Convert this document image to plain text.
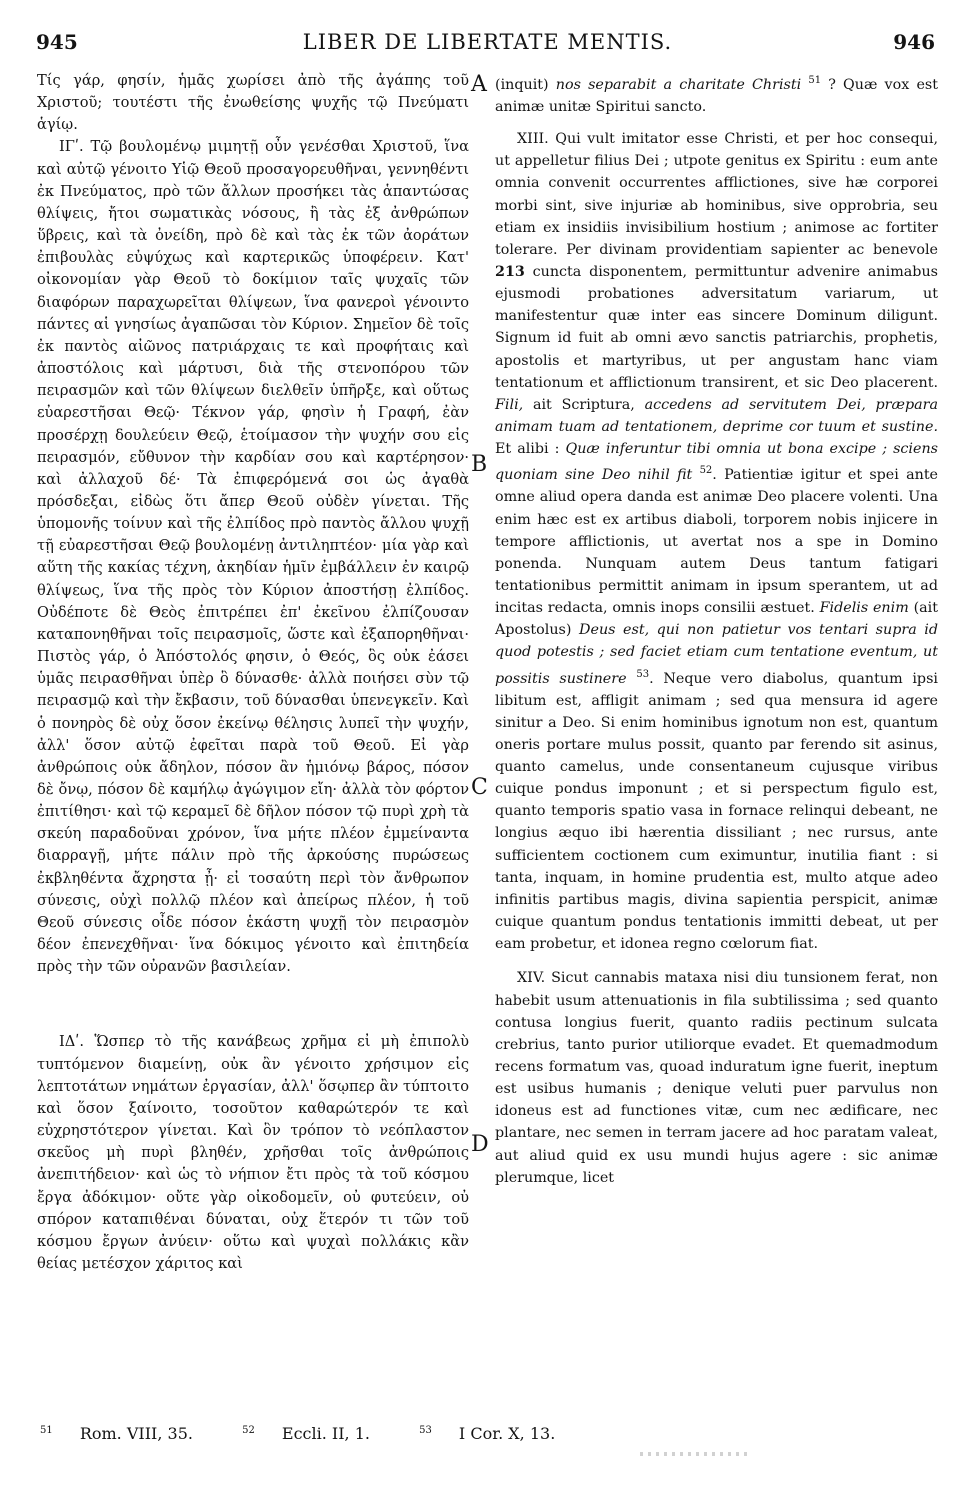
945	LIBER DE LIBERTATE MENTIS.	946

Τίς γάρ, φησίν, ἡμᾶς χωρίσει ἀπὸ τῆς ἀγάπης τοῦ Χριστοῦ; τουτέστι τῆς ἐνωθείσης ψυχῆς τῷ Πνεύματι ἁγίῳ.

ΙΓʹ. Τῷ βουλομένῳ μιμητῇ οὖν γενέσθαι Χριστοῦ, ἵνα καὶ αὐτῷ γένοιτο Υἱῷ Θεοῦ προσαγορευθῆναι, γεννηθέντι ἐκ Πνεύματος, πρὸ τῶν ἄλλων προσήκει τὰς ἁπαντώσας θλίψεις, ἤτοι σωματικὰς νόσους, ἢ τὰς ἐξ ἀνθρώπων ὕβρεις, καὶ τὰ ὀνείδη, πρὸ δὲ καὶ τὰς ἐκ τῶν ἀοράτων ἐπιβουλὰς εὐψύχως καὶ καρτερικῶς ὑποφέρειν. Κατ' οἰκονομίαν γὰρ Θεοῦ τὸ δοκίμιον ταῖς ψυχαῖς τῶν διαφόρων παραχωρεῖται θλίψεων, ἵνα φανεροὶ γένοιντο πάντες αἱ γνησίως ἀγαπῶσαι τὸν Κύριον. Σημεῖον δὲ τοῖς ἐκ παντὸς αἰῶνος πατριάρχαις τε καὶ προφήταις καὶ ἀποστόλοις καὶ μάρτυσι, διὰ τῆς στενοπόρου τῶν πειρασμῶν καὶ τῶν θλίψεων διελθεῖν ὑπῆρξε, καὶ οὕτως εὐαρεστῆσαι Θεῷ· Τέκνον γάρ, φησὶν ἡ Γραφή, ἐὰν προσέρχῃ δουλεύειν Θεῷ, ἑτοίμασον τὴν ψυχήν σου εἰς πειρασμόν, εὔθυνον τὴν καρδίαν σου καὶ καρτέρησον· καὶ ἀλλαχοῦ δέ· Τὰ ἐπιφερόμενά σοι ὡς ἀγαθὰ πρόσδεξαι, εἰδὼς ὅτι ἄπερ Θεοῦ οὐδὲν γίνεται. Τῆς ὑπομονῆς τοίνυν καὶ τῆς ἐλπίδος πρὸ παντὸς ἄλλου ψυχῇ τῇ εὐαρεστῆσαι Θεῷ βουλομένῃ ἀντιληπτέον· μία γὰρ καὶ αὕτη τῆς κακίας τέχνη, ἀκηδίαν ἡμῖν ἐμβάλλειν ἐν καιρῷ θλίψεως, ἵνα τῆς πρὸς τὸν Κύριον ἀποστήσῃ ἐλπίδος. Οὐδέποτε δὲ Θεὸς ἐπιτρέπει ἐπ' ἐκεῖνου ἐλπίζουσαν καταπονηθῆναι τοῖς πειρασμοῖς, ὥστε καὶ ἐξαπορηθῆναι· Πιστὸς γάρ, ὁ Ἀπόστολός φησιν, ὁ Θεός, ὃς οὐκ ἐάσει ὑμᾶς πειρασθῆναι ὑπὲρ ὃ δύνασθε· ἀλλὰ ποιήσει σὺν τῷ πειρασμῷ καὶ τὴν ἔκβασιν, τοῦ δύνασθαι ὑπενεγκεῖν. Καὶ ὁ πονηρὸς δὲ οὐχ ὅσον ἐκείνῳ θέλησις λυπεῖ τὴν ψυχήν, ἀλλ' ὅσον αὐτῷ ἐφεῖται παρὰ τοῦ Θεοῦ. Εἰ γὰρ ἀνθρώποις οὐκ ἄδηλον, πόσον ἂν ἡμιόνῳ βάρος, πόσον δὲ ὄνῳ, πόσον δὲ καμήλῳ ἀγώγιμον εἴη· ἀλλὰ τὸν φόρτον ἐπιτίθησι· καὶ τῷ κεραμεῖ δὲ δῆλον πόσον τῷ πυρὶ χρὴ τὰ σκεύη παραδοῦναι χρόνον, ἵνα μήτε πλέον ἐμμείναντα διαρραγῇ, μήτε πάλιν πρὸ τῆς ἀρκούσης πυρώσεως ἐκβληθέντα ἄχρηστα ᾖ· εἰ τοσαύτη περὶ τὸν ἄνθρωπον σύνεσις, οὐχὶ πολλῷ πλέον καὶ ἀπείρως πλέον, ἡ τοῦ Θεοῦ σύνεσις οἶδε πόσον ἑκάστη ψυχῇ τὸν πειρασμὸν δέον ἐπενεχθῆναι· ἵνα δόκιμος γένοιτο καὶ ἐπιτηδεία πρὸς τὴν τῶν οὐρανῶν βασιλείαν.

ΙΔʹ. Ὥσπερ τὸ τῆς κανάβεως χρῆμα εἰ μὴ ἐπιπολὺ τυπτόμενον διαμείνῃ, οὐκ ἂν γένοιτο χρήσιμον εἰς λεπτοτάτων νημάτων ἐργασίαν, ἀλλ' ὅσῳπερ ἂν τύπτοιτο καὶ ὅσον ξαίνοιτο, τοσοῦτον καθαρώτερόν τε καὶ εὐχρηστότερον γίνεται. Καὶ ὃν τρόπον τὸ νεόπλαστον σκεῦος μὴ πυρὶ βληθέν, χρῆσθαι τοῖς ἀνθρώποις ἀνεπιτήδειον· καὶ ὡς τὸ νήπιον ἔτι πρὸς τὰ τοῦ κόσμου ἔργα ἀδόκιμον· οὔτε γὰρ οἰκοδομεῖν, οὐ φυτεύειν, οὐ σπόρον καταπιθέναι δύναται, οὐχ ἕτερόν τι τῶν τοῦ κόσμου ἔργων ἀνύειν· οὕτω καὶ ψυχαὶ πολλάκις κἂν θείας μετέσχον χάριτος καὶ

A
B
C
D

(inquit) nos separabit a charitate Christi $^{51}$ ? Quæ vox est animæ unitæ Spiritui sancto.

XIII. Qui vult imitator esse Christi, et per hoc consequi, ut appelletur filius Dei ; utpote genitus ex Spiritu : eum ante omnia convenit occurrentes afflictiones, sive hæ corporei morbi sint, sive injuriæ ab hominibus, sive opprobria, seu etiam ex insidiis invisibilium hostium ; animose ac fortiter tolerare. Per divinam providentiam sapienter ac benevole 213 cuncta disponentem, permittuntur advenire animabus ejusmodi probationes adversitatum variarum, ut manifestentur quæ inter eas sincere Dominum diligunt. Signum id fuit ab omni ævo sanctis patriarchis, prophetis, apostolis et martyribus, ut per angustam hanc viam tentationum et afflictionum transirent, et sic Deo placerent. Fili, ait Scriptura, accedens ad servitutem Dei, præpara animam tuam ad tentationem, deprime cor tuum et sustine. Et alibi : Quæ inferuntur tibi omnia ut bona excipe ; sciens quoniam sine Deo nihil fit $^{52}$. Patientiæ igitur et spei ante omne aliud opera danda est animæ Deo placere volenti. Una enim hæc est ex artibus diaboli, torporem nobis injicere in tempore afflictionis, ut avertat nos a spe in Domino ponenda. Nunquam autem Deus tantum fatigari tentationibus permittit animam in ipsum sperantem, ut ad incitas redacta, omnis inops consilii æstuet. Fidelis enim (ait Apostolus) Deus est, qui non patietur vos tentari supra id quod potestis ; sed faciet etiam cum tentatione eventum, ut possitis sustinere $^{53}$. Neque vero diabolus, quantum ipsi libitum est, affligit animam ; sed qua mensura id agere sinitur a Deo. Si enim hominibus ignotum non est, quantum oneris portare mulus possit, quanto par ferendo sit asinus, quanto camelus, unde consentaneum cujusque viribus cuique pondus imponunt ; et si perspectum figulo est, quanto temporis spatio vasa in fornace relinqui debeant, ne longius æquo ibi hærentia dissiliant ; nec rursus, ante sufficientem coctionem cum eximuntur, inutilia fiant : si tanta, inquam, in homine prudentia est, multo atque adeo infinitis partibus magis, divina sapientia perspicit, animæ cuique quantum pondus tentationis immitti debeat, ut per eam probetur, et idonea regno cœlorum fiat.

XIV. Sicut cannabis mataxa nisi diu tunsionem ferat, non habebit usum attenuationis in fila subtilissima ; sed quanto contusa longius fuerit, quanto radiis pectinum sulcata crebrius, tanto purior utiliorque evadet. Et quemadmodum recens formatum vas, quoad induratum igne fuerit, ineptum est usibus humanis ; denique veluti puer parvulus non idoneus est ad functiones vitæ, cum nec ædificare, nec plantare, nec semen in terram jacere ad hoc paratam valeat, aut aliud quid ex usu mundi hujus agere : sic animæ plerumque, licet

$^{51}$ Rom. VIII, 35.	$^{52}$ Eccli. II, 1.	$^{53}$ I Cor. X, 13.
